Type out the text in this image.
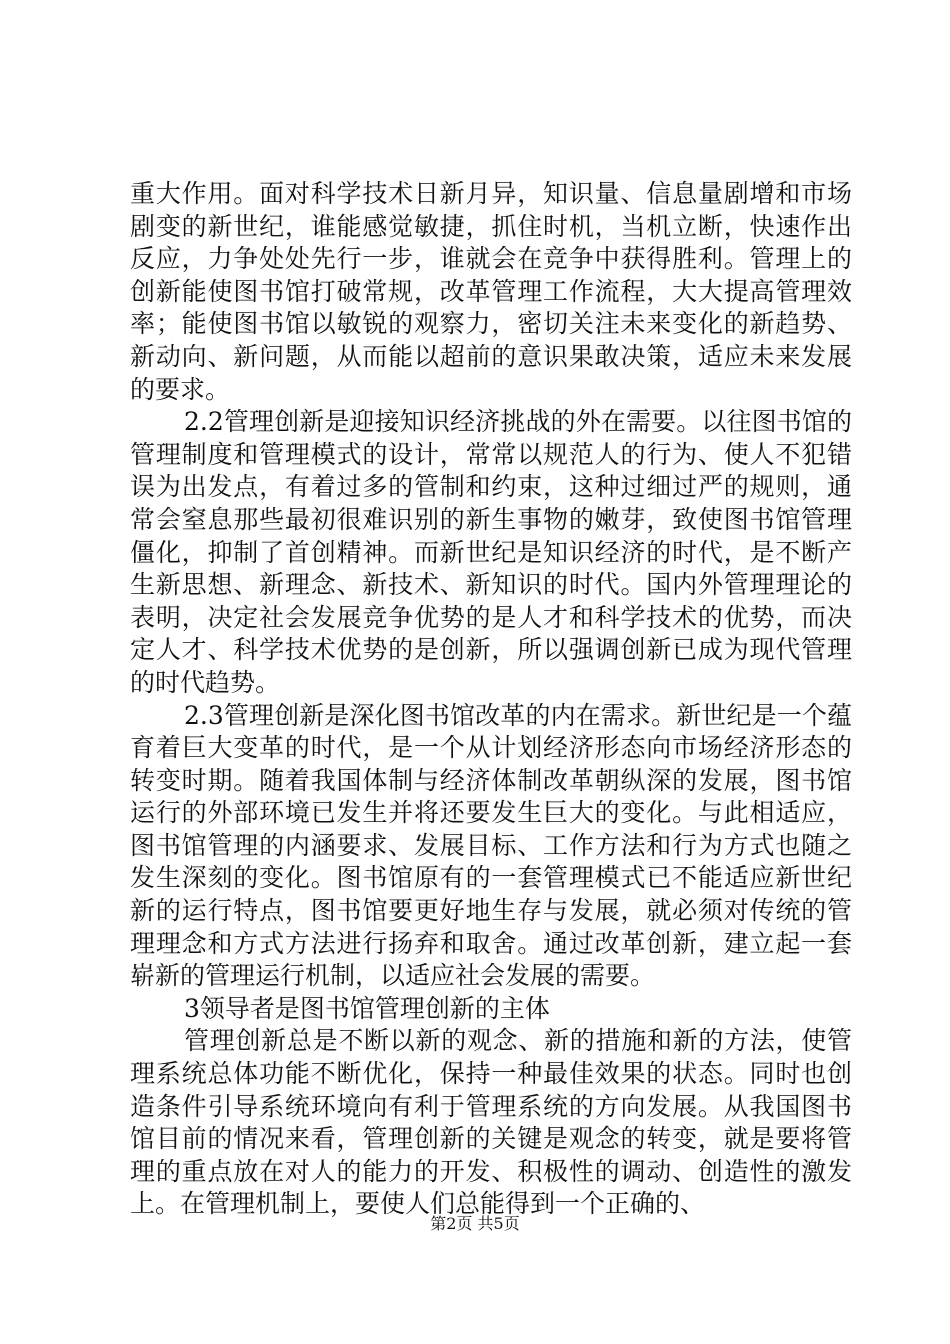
重大作用。面对科学技术日新月异，知识量、信息量剧增和市场剧变的新世纪，谁能感觉敏捷，抓住时机，当机立断，快速作出反应，力争处处先行一步，谁就会在竞争中获得胜利。管理上的创新能使图书馆打破常规，改革管理工作流程，大大提高管理效率；能使图书馆以敏锐的观察力，密切关注未来变化的新趋势、新动向、新问题，从而能以超前的意识果敢决策，适应未来发展的要求。

2.2管理创新是迎接知识经济挑战的外在需要。以往图书馆的管理制度和管理模式的设计，常常以规范人的行为、使人不犯错误为出发点，有着过多的管制和约束，这种过细过严的规则，通常会窒息那些最初很难识别的新生事物的嫩芽，致使图书馆管理僵化，抑制了首创精神。而新世纪是知识经济的时代，是不断产生新思想、新理念、新技术、新知识的时代。国内外管理理论的表明，决定社会发展竞争优势的是人才和科学技术的优势，而决定人才、科学技术优势的是创新，所以强调创新已成为现代管理的时代趋势。

2.3管理创新是深化图书馆改革的内在需求。新世纪是一个蕴育着巨大变革的时代，是一个从计划经济形态向市场经济形态的转变时期。随着我国体制与经济体制改革朝纵深的发展，图书馆运行的外部环境已发生并将还要发生巨大的变化。与此相适应，图书馆管理的内涵要求、发展目标、工作方法和行为方式也随之发生深刻的变化。图书馆原有的一套管理模式已不能适应新世纪新的运行特点，图书馆要更好地生存与发展，就必须对传统的管理理念和方式方法进行扬弃和取舍。通过改革创新，建立起一套崭新的管理运行机制，以适应社会发展的需要。

3领导者是图书馆管理创新的主体

管理创新总是不断以新的观念、新的措施和新的方法，使管理系统总体功能不断优化，保持一种最佳效果的状态。同时也创造条件引导系统环境向有利于管理系统的方向发展。从我国图书馆目前的情况来看，管理创新的关键是观念的转变，就是要将管理的重点放在对人的能力的开发、积极性的调动、创造性的激发上。在管理机制上，要使人们总能得到一个正确的、

第2页 共5页
